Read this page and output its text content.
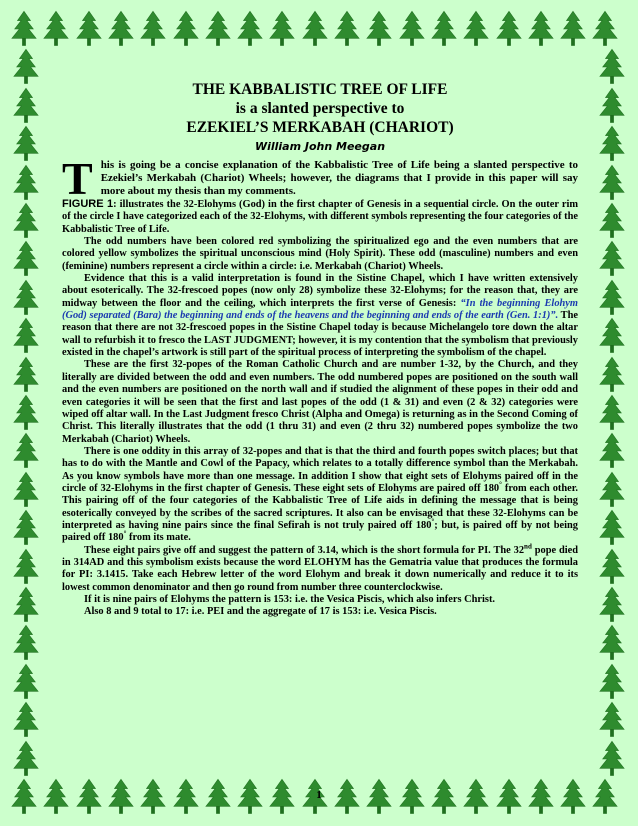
THE KABBALISTIC TREE OF LIFE
is a slanted perspective to
EZEKIEL’S MERKABAH (CHARIOT)
William John Meegan
T his is going be a concise explanation of the Kabbalistic Tree of Life being a slanted perspective to Ezekiel’s Merkabah (Chariot) Wheels; however, the diagrams that I provide in this paper will say more about my thesis than my comments.

FIGURE 1: illustrates the 32-Elohyms (God) in the first chapter of Genesis in a sequential circle. On the outer rim of the circle I have categorized each of the 32-Elohyms, with different symbols representing the four categories of the Kabbalistic Tree of Life.

The odd numbers have been colored red symbolizing the spiritualized ego and the even numbers that are colored yellow symbolizes the spiritual unconscious mind (Holy Spirit). These odd (masculine) numbers and even (feminine) numbers represent a circle within a circle: i.e. Merkabah (Chariot) Wheels.

Evidence that this is a valid interpretation is found in the Sistine Chapel, which I have written extensively about esoterically. The 32-frescoed popes (now only 28) symbolize these 32-Elohyms; for the reason that, they are midway between the floor and the ceiling, which interprets the first verse of Genesis: “In the beginning Elohym (God) separated (Bara) the beginning and ends of the heavens and the beginning and ends of the earth (Gen. 1:1)”. The reason that there are not 32-frescoed popes in the Sistine Chapel today is because Michelangelo tore down the altar wall to refurbish it to fresco the LAST JUDGMENT; however, it is my contention that the symbolism that previously existed in the chapel’s artwork is still part of the spiritual process of interpreting the symbolism of the chapel.

These are the first 32-popes of the Roman Catholic Church and are number 1-32, by the Church, and they literally are divided between the odd and even numbers. The odd numbered popes are positioned on the south wall and the even numbers are positioned on the north wall and if studied the alignment of these popes in their odd and even categories it will be seen that the first and last popes of the odd (1 & 31) and even (2 & 32) categories were wiped off altar wall. In the Last Judgment fresco Christ (Alpha and Omega) is returning as in the Second Coming of Christ. This literally illustrates that the odd (1 thru 31) and even (2 thru 32) numbered popes symbolize the two Merkabah (Chariot) Wheels.

There is one oddity in this array of 32-popes and that is that the third and fourth popes switch places; but that has to do with the Mantle and Cowl of the Papacy, which relates to a totally difference symbol than the Merkabah. As you know symbols have more than one message. In addition I show that eight sets of Elohyms paired off in the circle of 32-Elohyms in the first chapter of Genesis. These eight sets of Elohyms are paired off 180° from each other. This pairing off of the four categories of the Kabbalistic Tree of Life aids in defining the message that is being esoterically conveyed by the scribes of the sacred scriptures. It also can be envisaged that these 32-Elohyms can be interpreted as having nine pairs since the final Sefirah is not truly paired off 180°; but, is paired off by not being paired off 180° from its mate.

These eight pairs give off and suggest the pattern of 3.14, which is the short formula for PI. The 32nd pope died in 314AD and this symbolism exists because the word ELOHYM has the Gematria value that produces the formula for PI: 3.1415. Take each Hebrew letter of the word Elohym and break it down numerically and reduce it to its lowest common denominator and then go round from number three counterclockwise.

If it is nine pairs of Elohyms the pattern is 153: i.e. the Vesica Piscis, which also infers Christ.

Also 8 and 9 total to 17: i.e. PEI and the aggregate of 17 is 153: i.e. Vesica Piscis.

1
